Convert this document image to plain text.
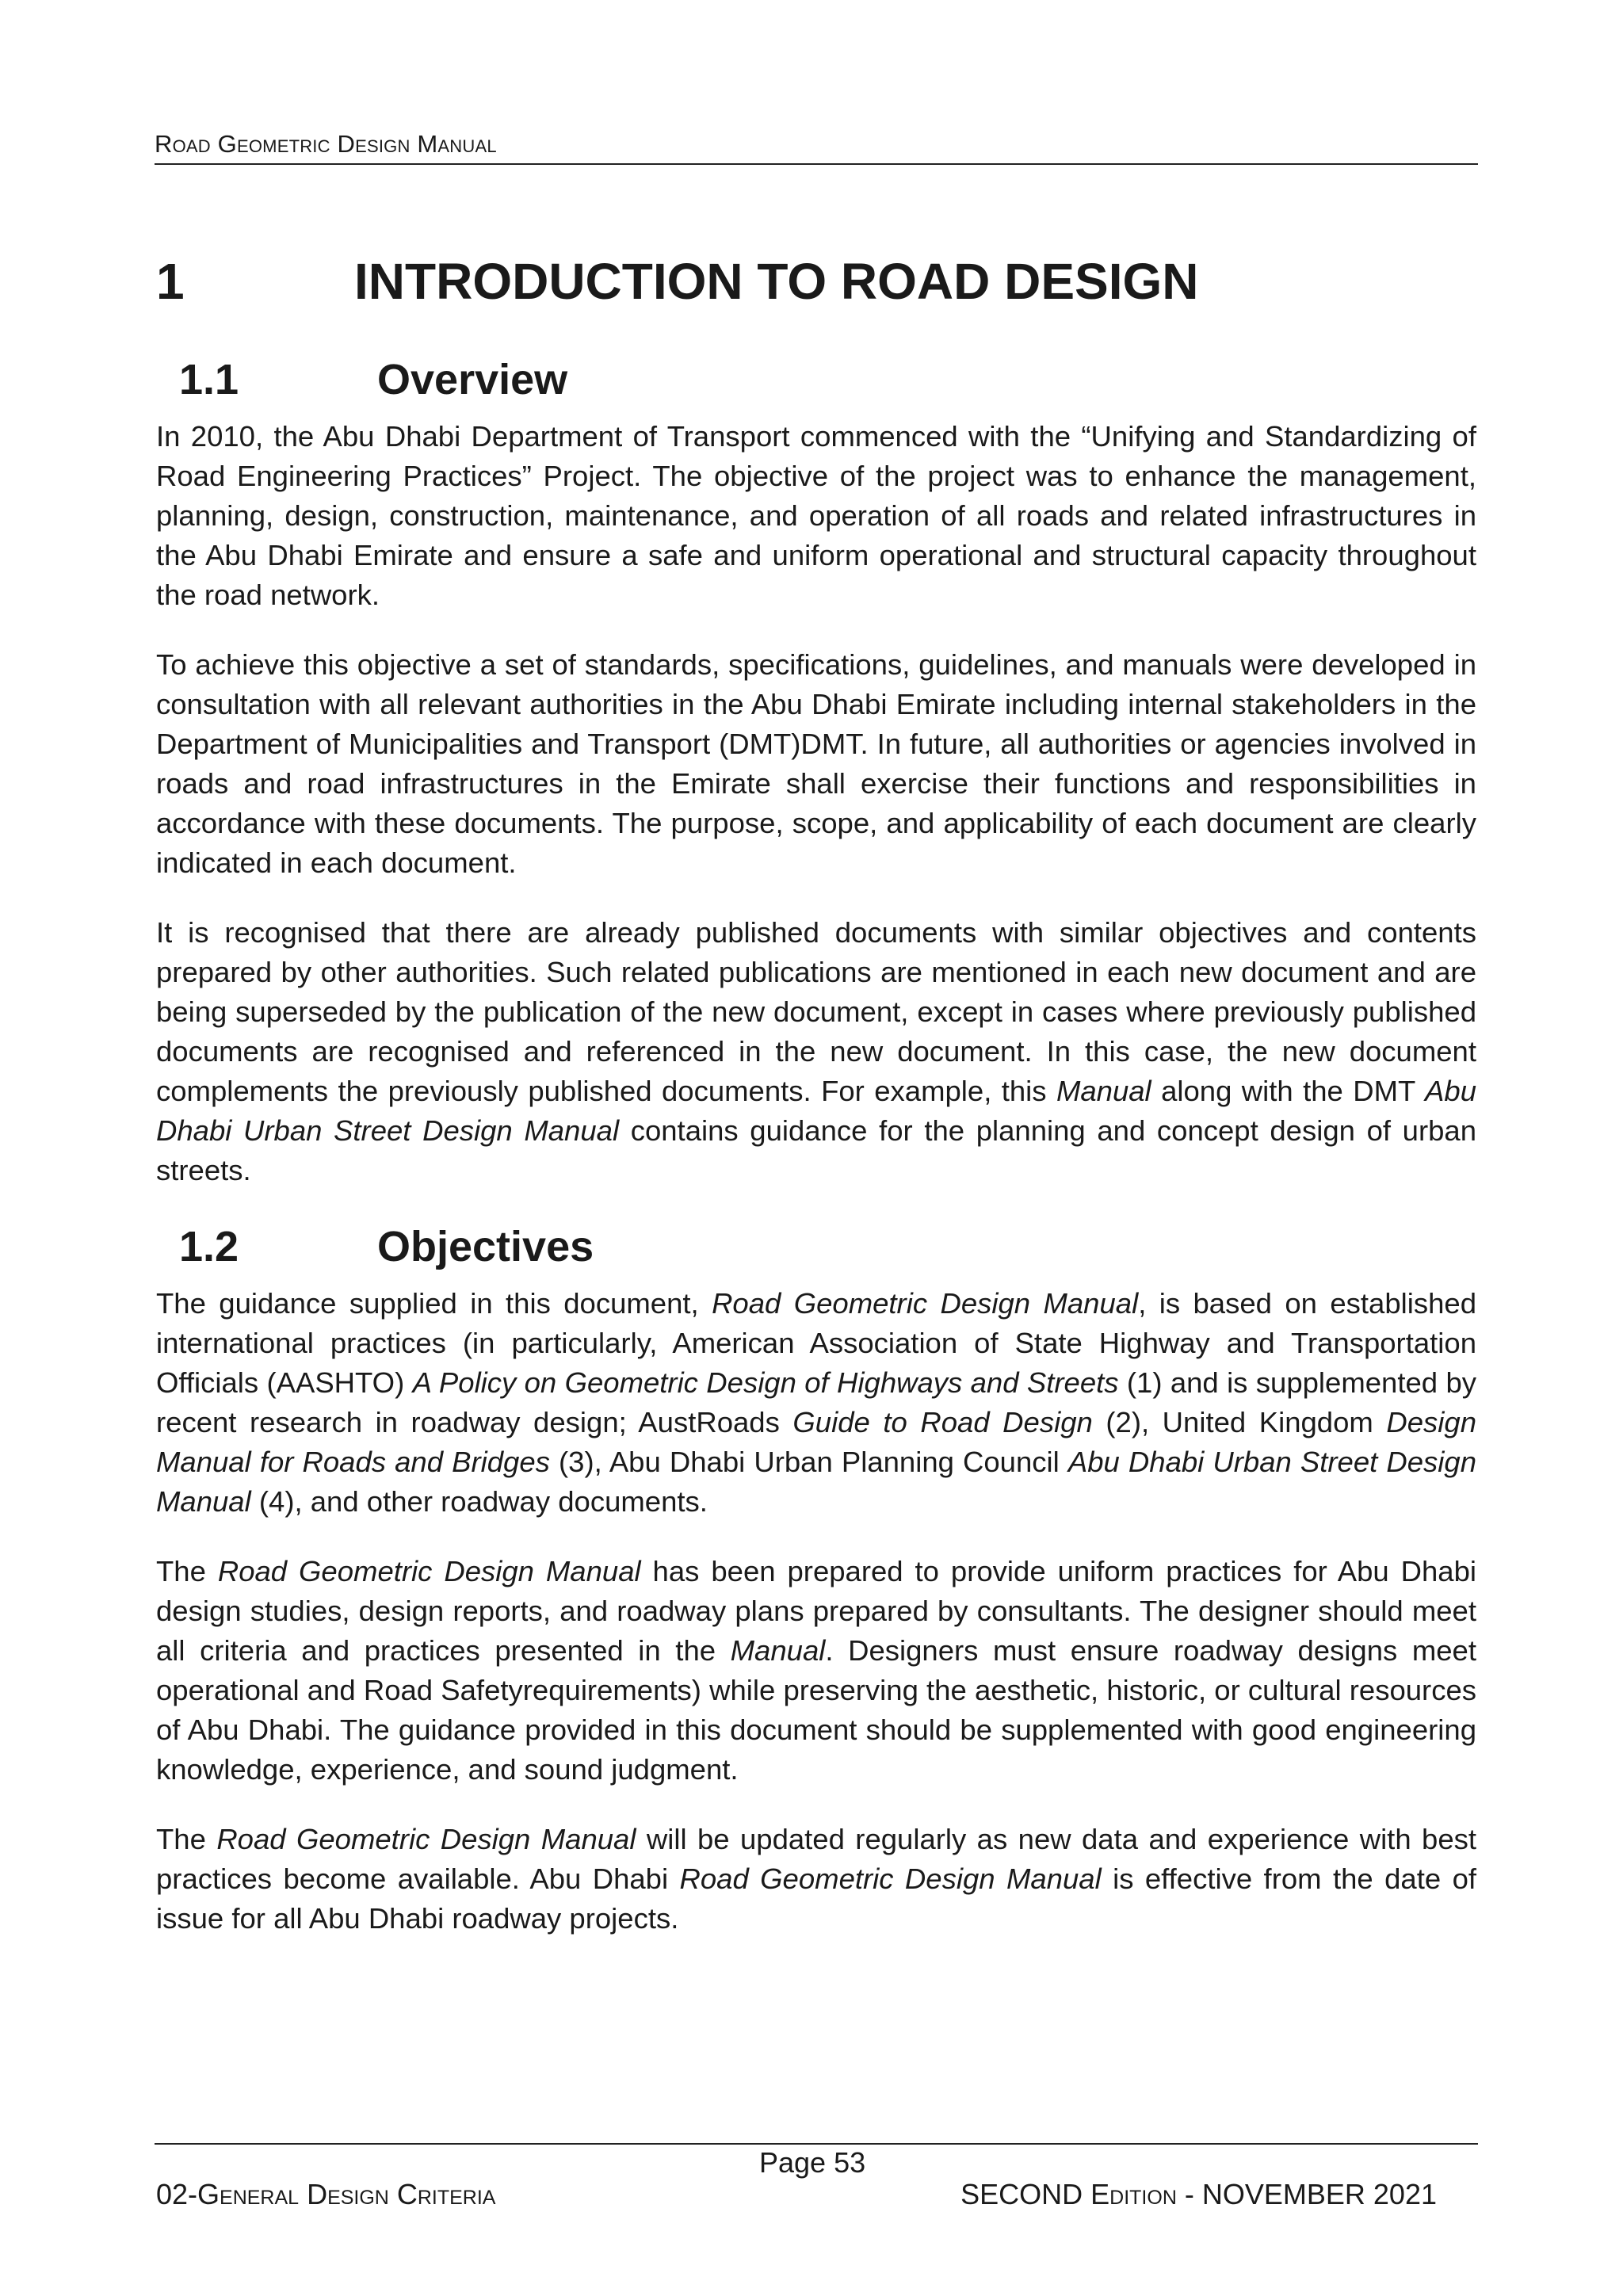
Road Geometric Design Manual
1	INTRODUCTION TO ROAD DESIGN
1.1	Overview

In 2010, the Abu Dhabi Department of Transport commenced with the “Unifying and Standardizing of Road Engineering Practices” Project. The objective of the project was to enhance the management, planning, design, construction, maintenance, and operation of all roads and related infrastructures in the Abu Dhabi Emirate and ensure a safe and uniform operational and structural capacity throughout the road network.

To achieve this objective a set of standards, specifications, guidelines, and manuals were developed in consultation with all relevant authorities in the Abu Dhabi Emirate including internal stakeholders in the Department of Municipalities and Transport (DMT)DMT. In future, all authorities or agencies involved in roads and road infrastructures in the Emirate shall exercise their functions and responsibilities in accordance with these documents. The purpose, scope, and applicability of each document are clearly indicated in each document.

It is recognised that there are already published documents with similar objectives and contents prepared by other authorities. Such related publications are mentioned in each new document and are being superseded by the publication of the new document, except in cases where previously published documents are recognised and referenced in the new document. In this case, the new document complements the previously published documents. For example, this Manual along with the DMT Abu Dhabi Urban Street Design Manual contains guidance for the planning and concept design of urban streets.

1.2	Objectives

The guidance supplied in this document, Road Geometric Design Manual, is based on established international practices (in particularly, American Association of State Highway and Transportation Officials (AASHTO) A Policy on Geometric Design of Highways and Streets (1) and is supplemented by recent research in roadway design; AustRoads Guide to Road Design (2), United Kingdom Design Manual for Roads and Bridges (3), Abu Dhabi Urban Planning Council Abu Dhabi Urban Street Design Manual (4), and other roadway documents.

The Road Geometric Design Manual has been prepared to provide uniform practices for Abu Dhabi design studies, design reports, and roadway plans prepared by consultants. The designer should meet all criteria and practices presented in the Manual. Designers must ensure roadway designs meet operational and Road Safetyrequirements) while preserving the aesthetic, historic, or cultural resources of Abu Dhabi. The guidance provided in this document should be supplemented with good engineering knowledge, experience, and sound judgment.

The Road Geometric Design Manual will be updated regularly as new data and experience with best practices become available. Abu Dhabi Road Geometric Design Manual is effective from the date of issue for all Abu Dhabi roadway projects.

Page 53
02-General Design Criteria	SECOND Edition - NOVEMBER 2021
